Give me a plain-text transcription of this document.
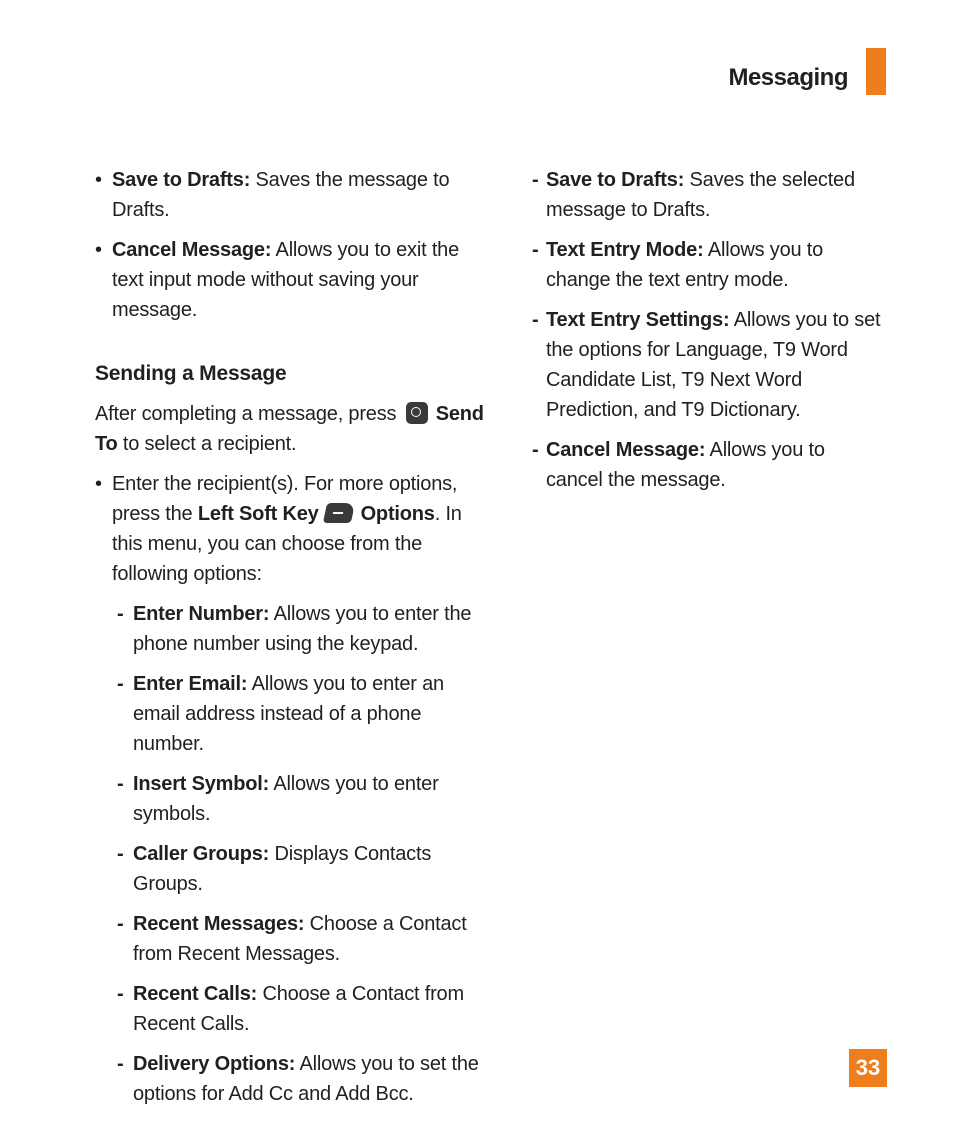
Messaging
• Save to Drafts: Saves the message to Drafts.
• Cancel Message: Allows you to exit the text input mode without saving your message.
Sending a Message
After completing a message, press Send To to select a recipient.
• Enter the recipient(s). For more options, press the Left Soft Key Options. In this menu, you can choose from the following options:
- Enter Number: Allows you to enter the phone number using the keypad.
- Enter Email: Allows you to enter an email address instead of a phone number.
- Insert Symbol: Allows you to enter symbols.
- Caller Groups: Displays Contacts Groups.
- Recent Messages: Choose a Contact from Recent Messages.
- Recent Calls: Choose a Contact from Recent Calls.
- Delivery Options: Allows you to set the options for Add Cc and Add Bcc.
- Save to Drafts: Saves the selected message to Drafts.
- Text Entry Mode: Allows you to change the text entry mode.
- Text Entry Settings: Allows you to set the options for Language, T9 Word Candidate List, T9 Next Word Prediction, and T9 Dictionary.
- Cancel Message: Allows you to cancel the message.
33
